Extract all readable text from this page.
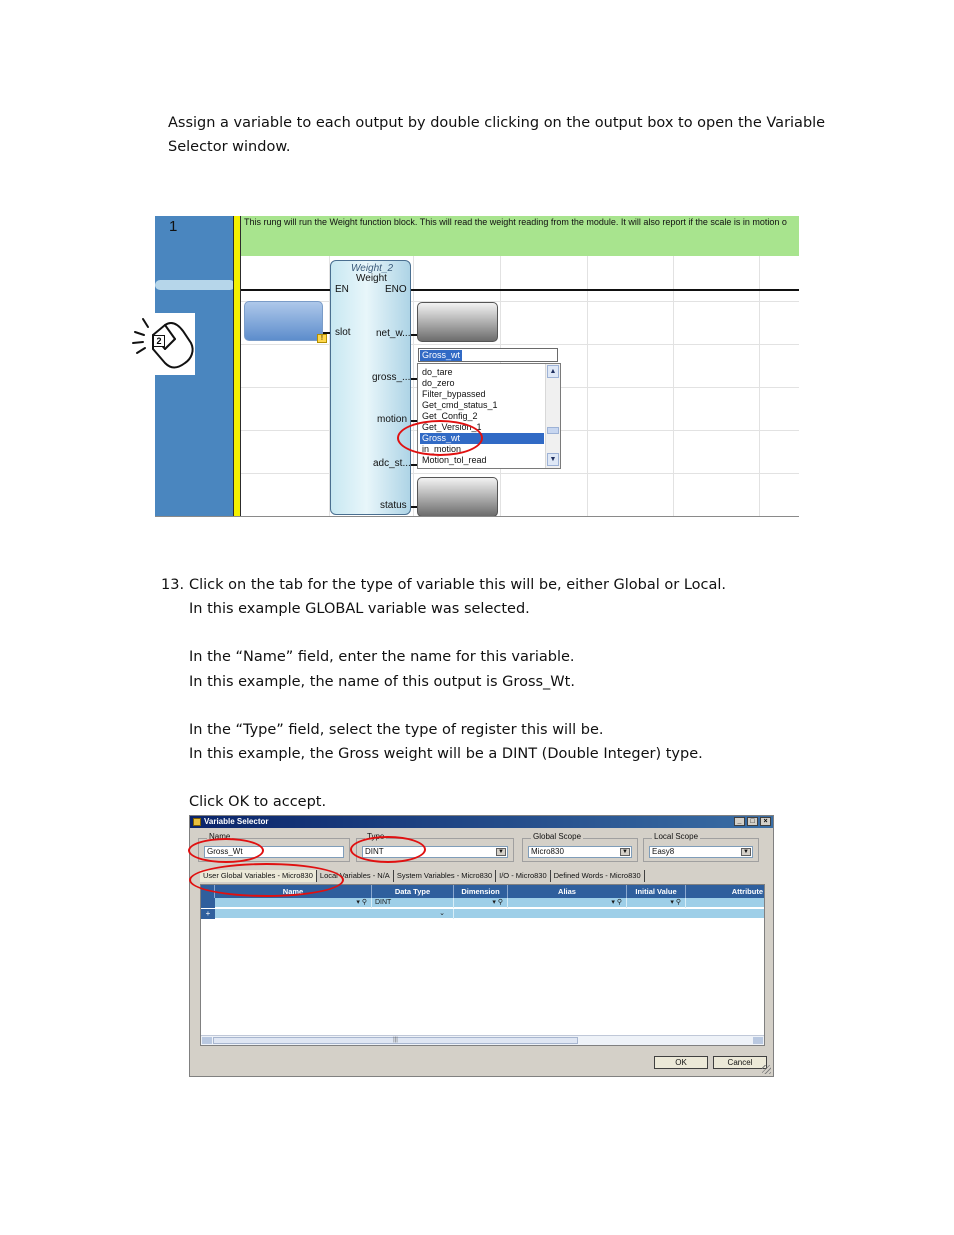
Assign a variable to each output by double clicking on the output box to open the Variable
Selector window.
1	This rung will run the Weight function block. This will read the weight reading from the module. It will also report if the scale is in motion o
!
Weight_2
Weight
EN	ENO
slot	net_w...
gross_...
motion
adc_st...
status
Gross_wt
do_tare
do_zero
Filter_bypassed
Get_cmd_status_1
Get_Config_2
Get_Version_1
Gross_wt
in_motion
Motion_tol_read
▲
▼
2
13. Click on the tab for the type of variable this will be, either Global or Local.
In this example GLOBAL variable was selected.
In the “Name” field, enter the name for this variable.
In this example, the name of this output is Gross_Wt.
In the “Type” field, select the type of register this will be.
In this example, the Gross weight will be a DINT (Double Integer) type.
Click OK to accept.
Variable Selector	_	□	×
Name
Gross_Wt
Type
DINT	▼
Global Scope
Micro830	▼
Local Scope
Easy8	▼
User Global Variables - Micro830 Local Variables - N/A System Variables - Micro830 I/O - Micro830 Defined Words - Micro830
Name	Data Type	Dimension	Alias	Initial Value	Attribute
▾ ⚲	DINT	▾ ⚲	▾ ⚲	▾ ⚲
+	⌄
|||
OK	Cancel
